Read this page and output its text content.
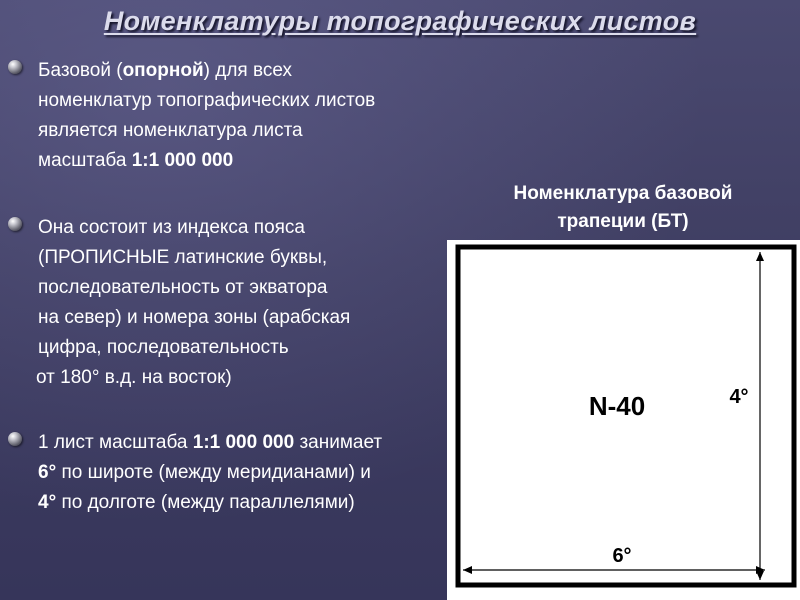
Номенклатуры топографических листов
Базовой (опорной) для всех
номенклатур топографических листов
является номенклатура листа
масштаба 1:1 000 000
Она состоит из индекса пояса
(ПРОПИСНЫЕ латинские буквы,
последовательность от экватора
на север) и номера зоны (арабская
цифра, последовательность
от 180° в.д. на восток)
1 лист масштаба 1:1 000 000 занимает
6° по широте (между меридианами) и
4° по долготе (между параллелями)
Номенклатура базовой
трапеции (БТ)
N-40	4°
6°
